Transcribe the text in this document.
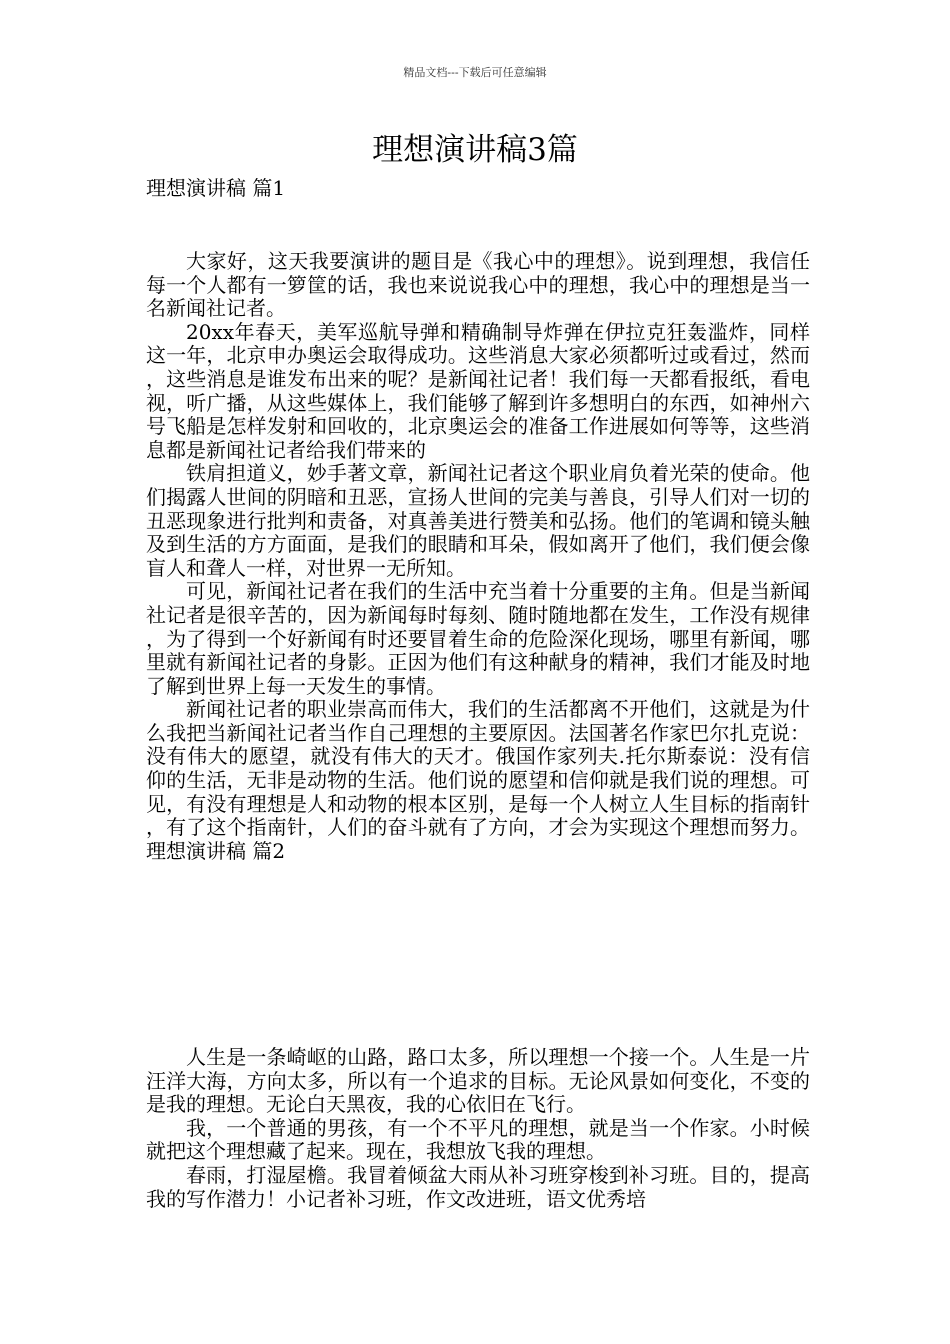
精品文档---下载后可任意编辑
理想演讲稿3篇
理想演讲稿 篇1

大家好，这天我要演讲的题目是《我心中的理想》。说到理想，我信任每一个人都有一箩筐的话，我也来说说我心中的理想，我心中的理想是当一名新闻社记者。

20xx年春天，美军巡航导弹和精确制导炸弹在伊拉克狂轰滥炸，同样这一年，北京申办奥运会取得成功。这些消息大家必须都听过或看过，然而，这些消息是谁发布出来的呢？是新闻社记者！我们每一天都看报纸，看电视，听广播，从这些媒体上，我们能够了解到许多想明白的东西，如神州六号飞船是怎样发射和回收的，北京奥运会的准备工作进展如何等等，这些消息都是新闻社记者给我们带来的

铁肩担道义，妙手著文章，新闻社记者这个职业肩负着光荣的使命。他们揭露人世间的阴暗和丑恶，宣扬人世间的完美与善良，引导人们对一切的丑恶现象进行批判和责备，对真善美进行赞美和弘扬。他们的笔调和镜头触及到生活的方方面面，是我们的眼睛和耳朵，假如离开了他们，我们便会像盲人和聋人一样，对世界一无所知。

可见，新闻社记者在我们的生活中充当着十分重要的主角。但是当新闻社记者是很辛苦的，因为新闻每时每刻、随时随地都在发生，工作没有规律，为了得到一个好新闻有时还要冒着生命的危险深化现场，哪里有新闻，哪里就有新闻社记者的身影。正因为他们有这种献身的精神，我们才能及时地了解到世界上每一天发生的事情。

新闻社记者的职业崇高而伟大，我们的生活都离不开他们，这就是为什么我把当新闻社记者当作自己理想的主要原因。法国著名作家巴尔扎克说：没有伟大的愿望，就没有伟大的天才。俄国作家列夫.托尔斯泰说：没有信仰的生活，无非是动物的生活。他们说的愿望和信仰就是我们说的理想。可见，有没有理想是人和动物的根本区别，是每一个人树立人生目标的指南针，有了这个指南针，人们的奋斗就有了方向，才会为实现这个理想而努力。理想演讲稿 篇2

人生是一条崎岖的山路，路口太多，所以理想一个接一个。人生是一片汪洋大海，方向太多，所以有一个追求的目标。无论风景如何变化，不变的是我的理想。无论白天黑夜，我的心依旧在飞行。

我，一个普通的男孩，有一个不平凡的理想，就是当一个作家。小时候就把这个理想藏了起来。现在，我想放飞我的理想。

春雨，打湿屋檐。我冒着倾盆大雨从补习班穿梭到补习班。目的，提高我的写作潜力！小记者补习班，作文改进班，语文优秀培
